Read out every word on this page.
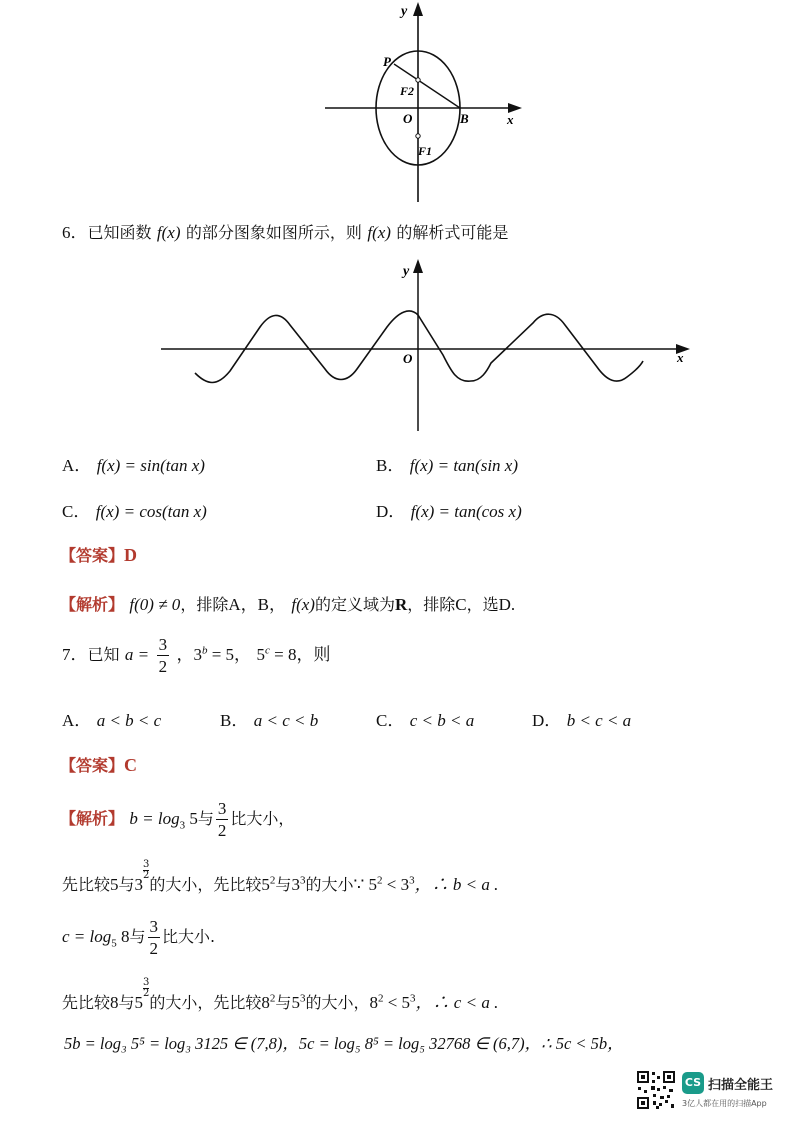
y
P
F2
O	B	x
F1
6．已知函数 f(x) 的部分图象如图所示，则 f(x) 的解析式可能是
y
O	x
A． f(x) = sin(tan x)	B． f(x) = tan(sin x)
C． f(x) = cos(tan x)	D． f(x) = tan(cos x)
【答案】D
【解析】 f(0) ≠ 0，排除A，B， f(x)的定义域为R，排除C，选D.
7．已知 $a = \frac{3}{2}$ ，$3^b = 5$， $5^c = 8$，则
A． a < b < c	B． a < c < b	C． c < b < a	D． b < c < a
【答案】C
【解析】 $b = \log_3 5$与 $\frac{3}{2}$ 比大小，
先比较5与3
$\frac{3}{2}$
的大小，先比较$5^2$与$3^3$的大小∵ $5^2 < 3^3$，∴ b < a .
$c = \log_5 8$与 $\frac{3}{2}$ 比大小.
先比较8与5
$\frac{3}{2}$
的大小，先比较$8^2$与$5^3$的大小，$8^2 < 5^3$，∴ c < a .
5b = log₃ 5⁵ = log₃ 3125 ∈ (7,8)，5c = log₅ 8⁵ = log₅ 32768 ∈ (6,7)，∴ 5c < 5b，
CS 扫描全能王
3亿人都在用的扫描App
